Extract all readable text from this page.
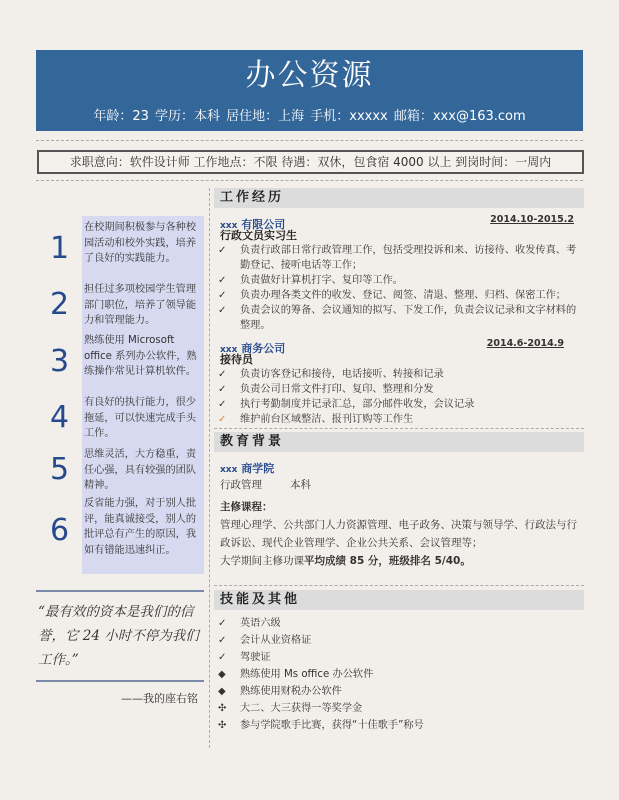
办公资源
年龄：23 学历：本科 居住地：上海 手机：xxxxx 邮箱：xxx@163.com
求职意向：软件设计师 工作地点：不限 待遇：双休，包食宿 4000 以上 到岗时间：一周内
1
在校期间积极参与各种校园活动和校外实践，培养了良好的实践能力。
2 担任过多项校园学生管理部门职位，培养了领导能力和管理能力。
3
熟练使用 Microsoft office 系列办公软件，熟练操作常见计算机软件。
4 有良好的执行能力，很少拖延，可以快速完成手头工作。
5 思维灵活，大方稳重，责任心强，具有较强的团队精神。
6
反省能力强，对于别人批评，能真诚接受，别人的批评总有产生的原因，我如有错能迅速纠正。
“最有效的资本是我们的信誉，它 24 小时不停为我们工作。”
——我的座右铭
工作经历
xxx 有限公司	2014.10-2015.2
行政文员实习生
✓ 负责行政部日常行政管理工作，包括受理投诉和来、访接待、收发传真、考勤登记、接听电话等工作；
✓ 负责做好计算机打字、复印等工作。
✓ 负责办理各类文件的收发、登记、阅签、清退、整理、归档、保密工作；
✓ 负责会议的筹备、会议通知的拟写、下发工作，负责会议记录和文字材料的整理。
xxx 商务公司	2014.6-2014.9
接待员
✓ 负责访客登记和接待，电话接听、转接和记录
✓ 负责公司日常文件打印、复印、整理和分发
✓ 执行考勤制度并记录汇总，部分邮件收发，会议记录
✓ 维护前台区域整洁、报刊订购等工作生
教育背景
xxx 商学院
行政管理	本科
主修课程：
管理心理学、公共部门人力资源管理、电子政务、决策与领导学、行政法与行政诉讼、现代企业管理学、企业公共关系、会议管理等；
大学期间主修功课平均成绩 85 分，班级排名 5/40。
技能及其他
✓ 英语六级
✓ 会计从业资格证
✓ 驾驶证
◆ 熟练使用 Ms office 办公软件
◆ 熟练使用财税办公软件
✣ 大二、大三获得一等奖学金
✣ 参与学院歌手比赛，获得“十佳歌手”称号
